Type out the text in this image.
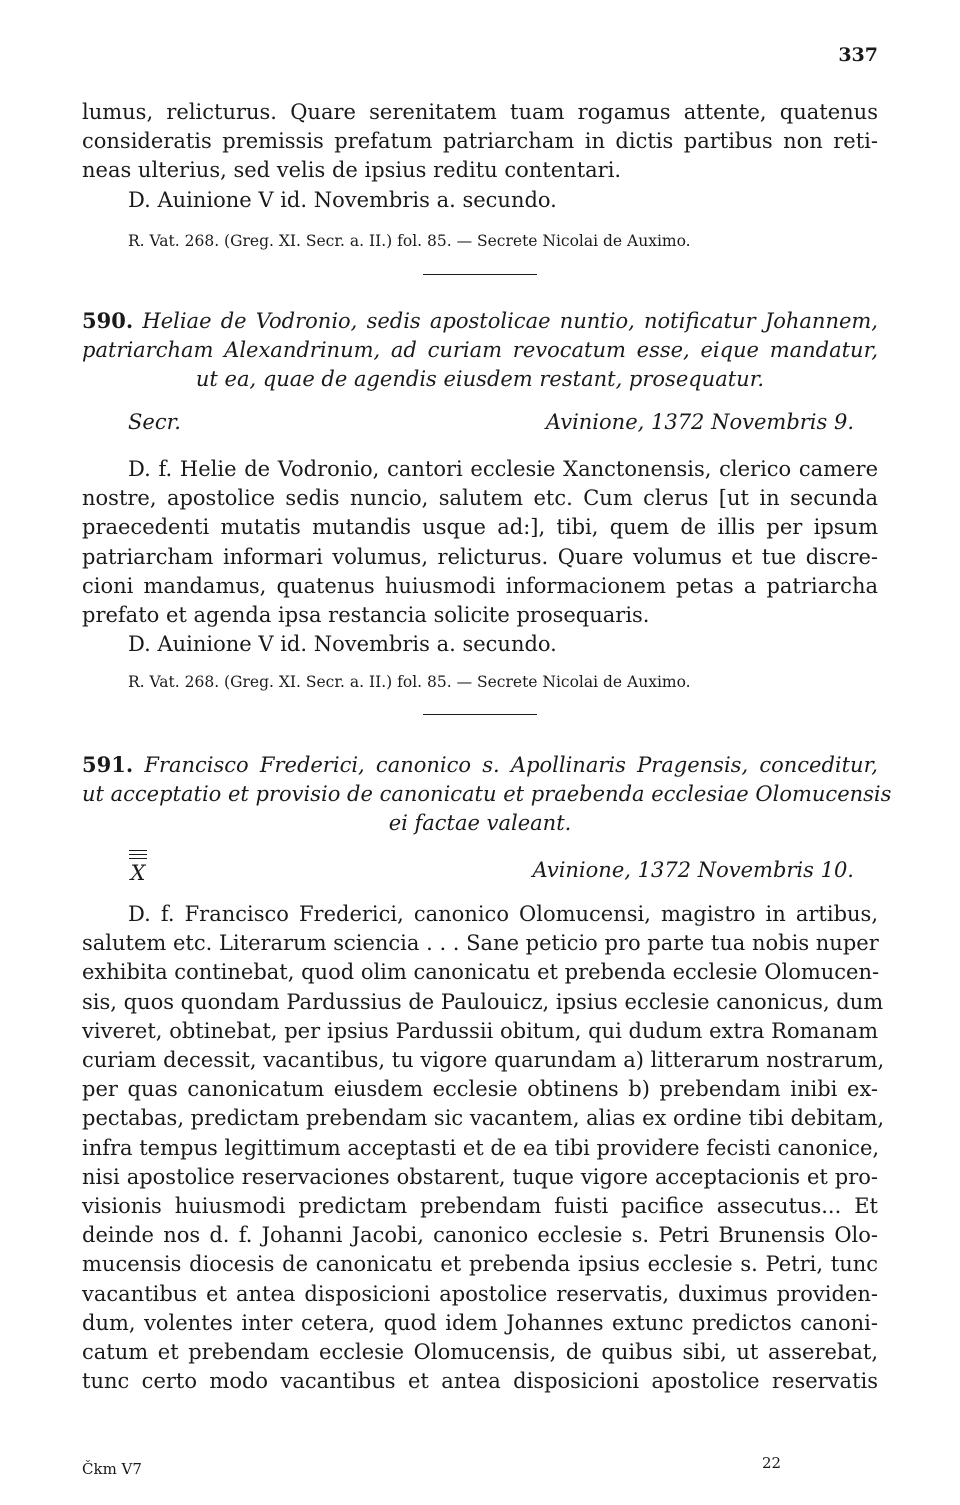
337
lumus, relicturus. Quare serenitatem tuam rogamus attente, quatenus
consideratis premissis prefatum patriarcham in dictis partibus non reti-
neas ulterius, sed velis de ipsius reditu contentari.
D. Auinione V id. Novembris a. secundo.
R. Vat. 268. (Greg. XI. Secr. a. II.) fol. 85. — Secrete Nicolai de Auximo.
590. Heliae de Vodronio, sedis apostolicae nuntio, notificatur Johannem,
patriarcham Alexandrinum, ad curiam revocatum esse, eique mandatur,
ut ea, quae de agendis eiusdem restant, prosequatur.
Secr.	Avinione, 1372 Novembris 9.
D. f. Helie de Vodronio, cantori ecclesie Xanctonensis, clerico camere
nostre, apostolice sedis nuncio, salutem etc. Cum clerus [ut in secunda
praecedenti mutatis mutandis usque ad:], tibi, quem de illis per ipsum
patriarcham informari volumus, relicturus. Quare volumus et tue discre-
cioni mandamus, quatenus huiusmodi informacionem petas a patriarcha
prefato et agenda ipsa restancia solicite prosequaris.
D. Auinione V id. Novembris a. secundo.
R. Vat. 268. (Greg. XI. Secr. a. II.) fol. 85. — Secrete Nicolai de Auximo.
591. Francisco Frederici, canonico s. Apollinaris Pragensis, conceditur,
ut acceptatio et provisio de canonicatu et praebenda ecclesiae Olomucensis
ei factae valeant.
X	Avinione, 1372 Novembris 10.
D. f. Francisco Frederici, canonico Olomucensi, magistro in artibus,
salutem etc. Literarum sciencia . . . Sane peticio pro parte tua nobis nuper
exhibita continebat, quod olim canonicatu et prebenda ecclesie Olomucen-
sis, quos quondam Pardussius de Paulouicz, ipsius ecclesie canonicus, dum
viveret, obtinebat, per ipsius Pardussii obitum, qui dudum extra Romanam
curiam decessit, vacantibus, tu vigore quarundam a) litterarum nostrarum,
per quas canonicatum eiusdem ecclesie obtinens b) prebendam inibi ex-
pectabas, predictam prebendam sic vacantem, alias ex ordine tibi debitam,
infra tempus legittimum acceptasti et de ea tibi providere fecisti canonice,
nisi apostolice reservaciones obstarent, tuque vigore acceptacionis et pro-
visionis huiusmodi predictam prebendam fuisti pacifice assecutus... Et
deinde nos d. f. Johanni Jacobi, canonico ecclesie s. Petri Brunensis Olo-
mucensis diocesis de canonicatu et prebenda ipsius ecclesie s. Petri, tunc
vacantibus et antea disposicioni apostolice reservatis, duximus providen-
dum, volentes inter cetera, quod idem Johannes extunc predictos canoni-
catum et prebendam ecclesie Olomucensis, de quibus sibi, ut asserebat,
tunc certo modo vacantibus et antea disposicioni apostolice reservatis
Čkm V7	22
